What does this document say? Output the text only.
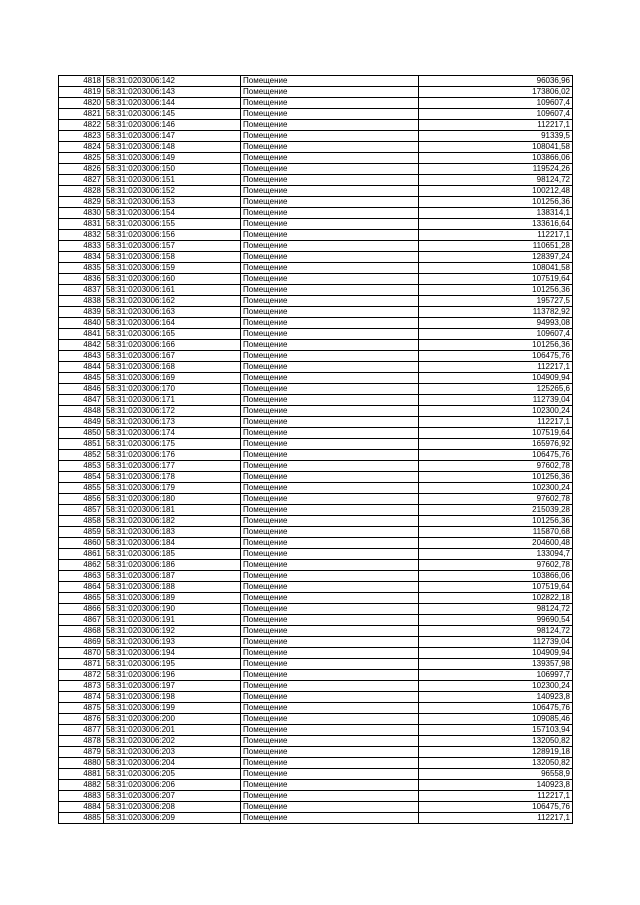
4818	58:31:0203006:142	Помещение	96036,96
4819	58:31:0203006:143	Помещение	173806,02
4820	58:31:0203006:144	Помещение	109607,4
4821	58:31:0203006:145	Помещение	109607,4
4822	58:31:0203006:146	Помещение	112217,1
4823	58:31:0203006:147	Помещение	91339,5
4824	58:31:0203006:148	Помещение	108041,58
4825	58:31:0203006:149	Помещение	103866,06
4826	58:31:0203006:150	Помещение	119524,26
4827	58:31:0203006:151	Помещение	98124,72
4828	58:31:0203006:152	Помещение	100212,48
4829	58:31:0203006:153	Помещение	101256,36
4830	58:31:0203006:154	Помещение	138314,1
4831	58:31:0203006:155	Помещение	133616,64
4832	58:31:0203006:156	Помещение	112217,1
4833	58:31:0203006:157	Помещение	110651,28
4834	58:31:0203006:158	Помещение	128397,24
4835	58:31:0203006:159	Помещение	108041,58
4836	58:31:0203006:160	Помещение	107519,64
4837	58:31:0203006:161	Помещение	101256,36
4838	58:31:0203006:162	Помещение	195727,5
4839	58:31:0203006:163	Помещение	113782,92
4840	58:31:0203006:164	Помещение	94993,08
4841	58:31:0203006:165	Помещение	109607,4
4842	58:31:0203006:166	Помещение	101256,36
4843	58:31:0203006:167	Помещение	106475,76
4844	58:31:0203006:168	Помещение	112217,1
4845	58:31:0203006:169	Помещение	104909,94
4846	58:31:0203006:170	Помещение	125265,6
4847	58:31:0203006:171	Помещение	112739,04
4848	58:31:0203006:172	Помещение	102300,24
4849	58:31:0203006:173	Помещение	112217,1
4850	58:31:0203006:174	Помещение	107519,64
4851	58:31:0203006:175	Помещение	165976,92
4852	58:31:0203006:176	Помещение	106475,76
4853	58:31:0203006:177	Помещение	97602,78
4854	58:31:0203006:178	Помещение	101256,36
4855	58:31:0203006:179	Помещение	102300,24
4856	58:31:0203006:180	Помещение	97602,78
4857	58:31:0203006:181	Помещение	215039,28
4858	58:31:0203006:182	Помещение	101256,36
4859	58:31:0203006:183	Помещение	115870,68
4860	58:31:0203006:184	Помещение	204600,48
4861	58:31:0203006:185	Помещение	133094,7
4862	58:31:0203006:186	Помещение	97602,78
4863	58:31:0203006:187	Помещение	103866,06
4864	58:31:0203006:188	Помещение	107519,64
4865	58:31:0203006:189	Помещение	102822,18
4866	58:31:0203006:190	Помещение	98124,72
4867	58:31:0203006:191	Помещение	99690,54
4868	58:31:0203006:192	Помещение	98124,72
4869	58:31:0203006:193	Помещение	112739,04
4870	58:31:0203006:194	Помещение	104909,94
4871	58:31:0203006:195	Помещение	139357,98
4872	58:31:0203006:196	Помещение	106997,7
4873	58:31:0203006:197	Помещение	102300,24
4874	58:31:0203006:198	Помещение	140923,8
4875	58:31:0203006:199	Помещение	106475,76
4876	58:31:0203006:200	Помещение	109085,46
4877	58:31:0203006:201	Помещение	157103,94
4878	58:31:0203006:202	Помещение	132050,82
4879	58:31:0203006:203	Помещение	128919,18
4880	58:31:0203006:204	Помещение	132050,82
4881	58:31:0203006:205	Помещение	96558,9
4882	58:31:0203006:206	Помещение	140923,8
4883	58:31:0203006:207	Помещение	112217,1
4884	58:31:0203006:208	Помещение	106475,76
4885	58:31:0203006:209	Помещение	112217,1
